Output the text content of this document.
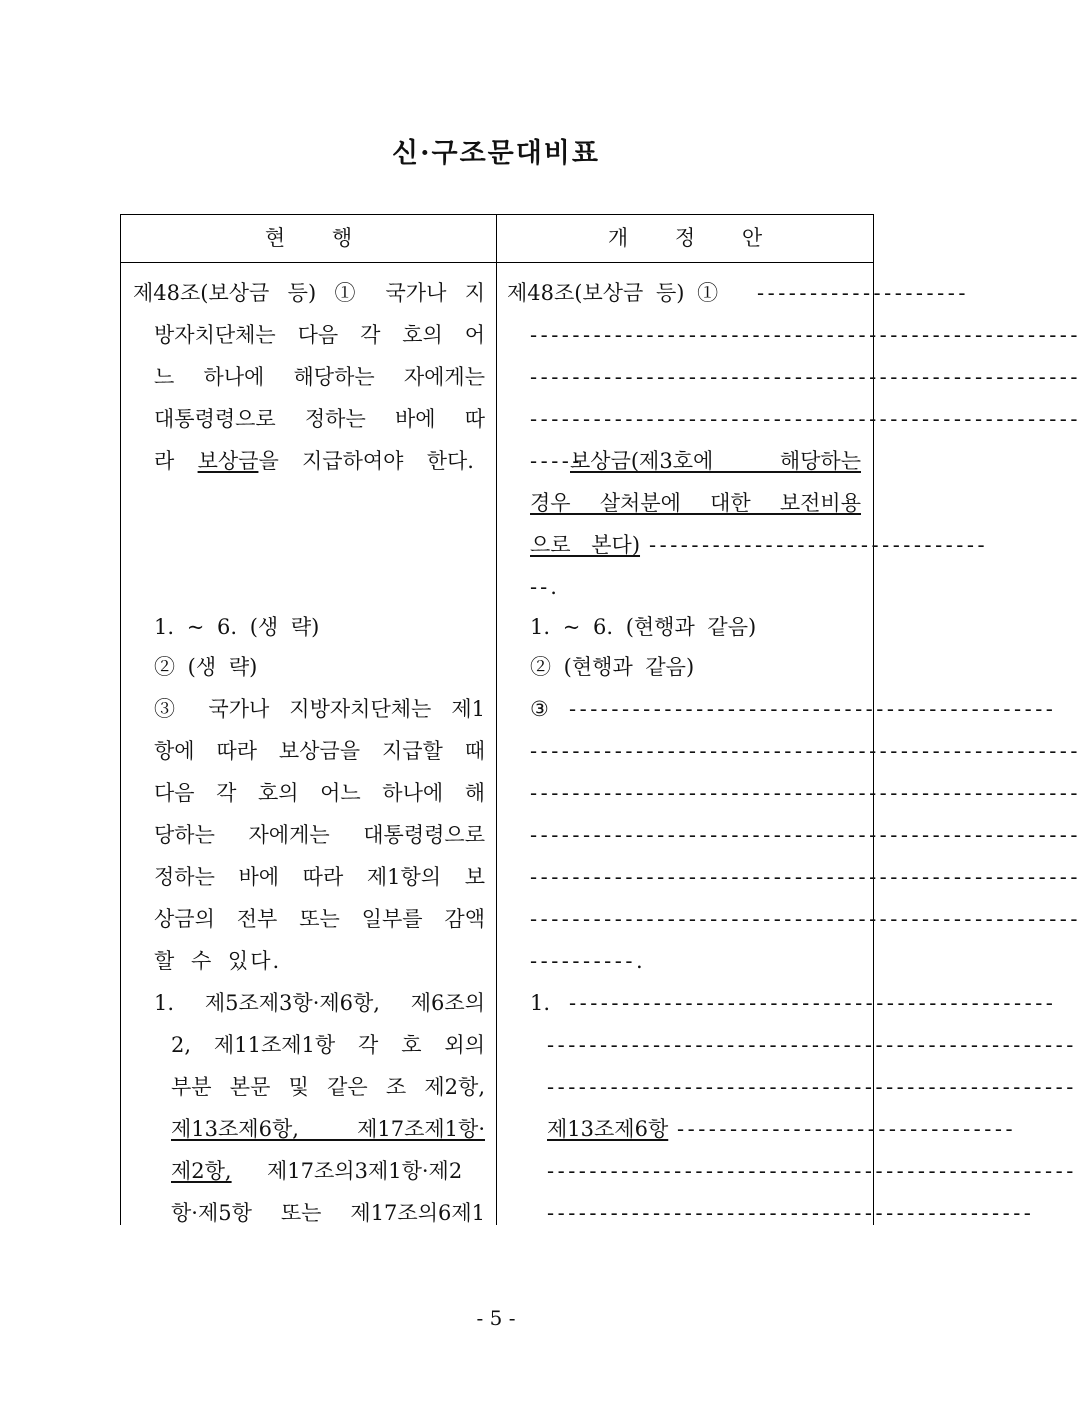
신·구조문대비표
현 행	개 정 안
제48조(보상금 등) ① 국가나 지
방자치단체는 다음 각 호의 어
느 하나에 해당하는 자에게는
대통령령으로 정하는 바에 따
라 보상금을 지급하여야 한다.
1. ~ 6. (생 략)
② (생 략)
③ 국가나 지방자치단체는 제1
항에 따라 보상금을 지급할 때
다음 각 호의 어느 하나에 해
당하는 자에게는 대통령령으로
정하는 바에 따라 제1항의 보
상금의 전부 또는 일부를 감액
할 수 있다.
1. 제5조제3항·제6항, 제6조의
2, 제11조제1항 각 호 외의
부분 본문 및 같은 조 제2항,
제13조제6항, 제17조제1항·
제2항, 제17조의3제1항·제2
항·제5항 또는 제17조의6제1
제48조(보상금 등) ① --------------------
----------------------------------------------------
----------------------------------------------------
----------------------------------------------------
-----
보상금(제3호에 해당하는
경우 살처분에 대한 보전비용
으로 본다) --------------------------------
--.
1. ~ 6. (현행과 같음)
② (현행과 같음)
③ ----------------------------------------------
----------------------------------------------------
----------------------------------------------------
----------------------------------------------------
----------------------------------------------------
----------------------------------------------------
----------.
1. ----------------------------------------------
--------------------------------------------------
--------------------------------------------------
제13조제6항 --------------------------------
--------------------------------------------------
----------------------------------------------
- 5 -
